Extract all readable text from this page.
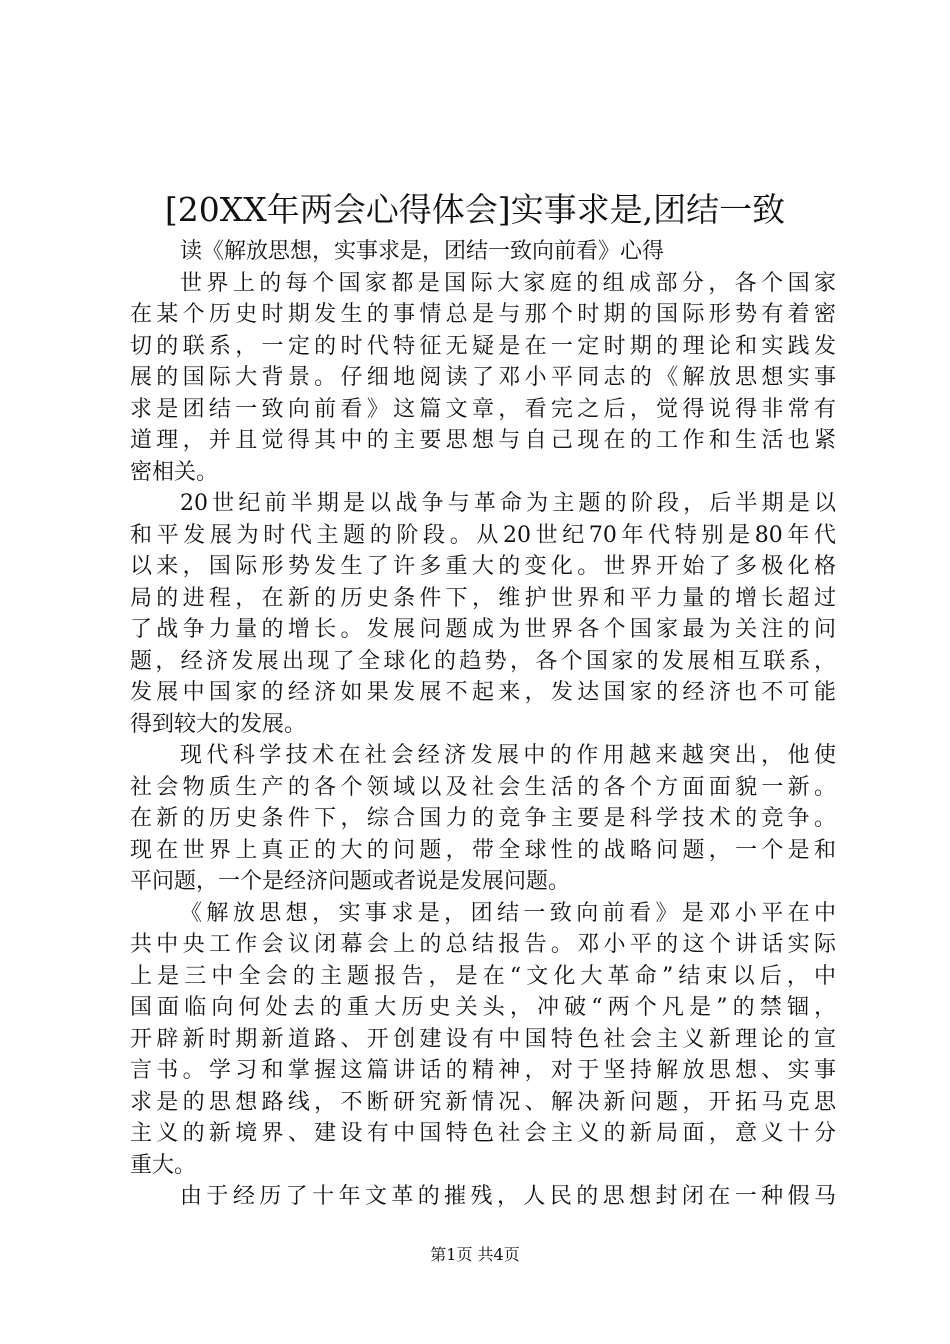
[20XX年两会心得体会]实事求是,团结一致
读《解放思想，实事求是，团结一致向前看》心得
世界上的每个国家都是国际大家庭的组成部分，各个国家
在某个历史时期发生的事情总是与那个时期的国际形势有着密
切的联系，一定的时代特征无疑是在一定时期的理论和实践发
展的国际大背景。仔细地阅读了邓小平同志的《解放思想实事
求是团结一致向前看》这篇文章，看完之后，觉得说得非常有
道理，并且觉得其中的主要思想与自己现在的工作和生活也紧
密相关。
20世纪前半期是以战争与革命为主题的阶段，后半期是以
和平发展为时代主题的阶段。从20世纪70年代特别是80年代
以来，国际形势发生了许多重大的变化。世界开始了多极化格
局的进程，在新的历史条件下，维护世界和平力量的增长超过
了战争力量的增长。发展问题成为世界各个国家最为关注的问
题，经济发展出现了全球化的趋势，各个国家的发展相互联系，
发展中国家的经济如果发展不起来，发达国家的经济也不可能
得到较大的发展。
现代科学技术在社会经济发展中的作用越来越突出，他使
社会物质生产的各个领域以及社会生活的各个方面面貌一新。
在新的历史条件下，综合国力的竞争主要是科学技术的竞争。
现在世界上真正的大的问题，带全球性的战略问题，一个是和
平问题，一个是经济问题或者说是发展问题。
《解放思想，实事求是，团结一致向前看》是邓小平在中
共中央工作会议闭幕会上的总结报告。邓小平的这个讲话实际
上是三中全会的主题报告，是在“文化大革命”结束以后，中
国面临向何处去的重大历史关头，冲破“两个凡是”的禁锢，
开辟新时期新道路、开创建设有中国特色社会主义新理论的宣
言书。学习和掌握这篇讲话的精神，对于坚持解放思想、实事
求是的思想路线，不断研究新情况、解决新问题，开拓马克思
主义的新境界、建设有中国特色社会主义的新局面，意义十分
重大。
由于经历了十年文革的摧残，人民的思想封闭在一种假马
第1页 共4页
